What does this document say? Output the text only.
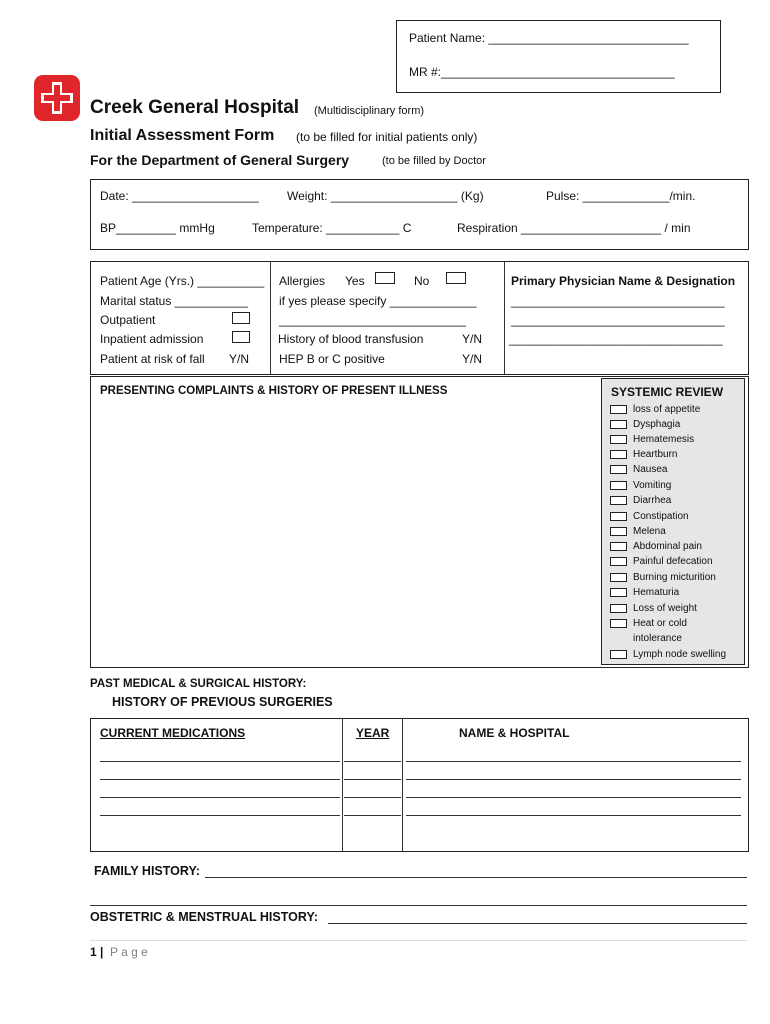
Patient Name: ______________________________
MR #:___________________________________
Creek General Hospital (Multidisciplinary form)
Initial Assessment Form (to be filled for initial patients only)
For the Department of General Surgery	(to be filled by Doctor
Date: ___________________ Weight: ___________________ (Kg)	Pulse: _____________/min.
BP_________ mmHg	Temperature: ___________ C	Respiration _____________________ / min
Patient Age (Yrs.) __________
Marital status ___________
Outpatient
Inpatient admission
Patient at risk of fall Y/N
Allergies Yes	No
if yes please specify _____________
____________________________
History of blood transfusion	Y/N
HEP B or C positive	Y/N
Primary Physician Name & Designation
________________________________
________________________________
________________________________
PRESENTING COMPLAINTS & HISTORY OF PRESENT ILLNESS	SYSTEMIC REVIEW
loss of appetite
Dysphagia
Hematemesis
Heartburn
Nausea
Vomiting
Diarrhea
Constipation
Melena
Abdominal pain
Painful defecation
Burning micturition
Hematuria
Loss of weight
Heat or cold
intolerance
Lymph node swelling
PAST MEDICAL & SURGICAL HISTORY:
HISTORY OF PREVIOUS SURGERIES
CURRENT MEDICATIONS	YEAR	NAME & HOSPITAL
FAMILY HISTORY:
OBSTETRIC & MENSTRUAL HISTORY:
1 | P a g e
